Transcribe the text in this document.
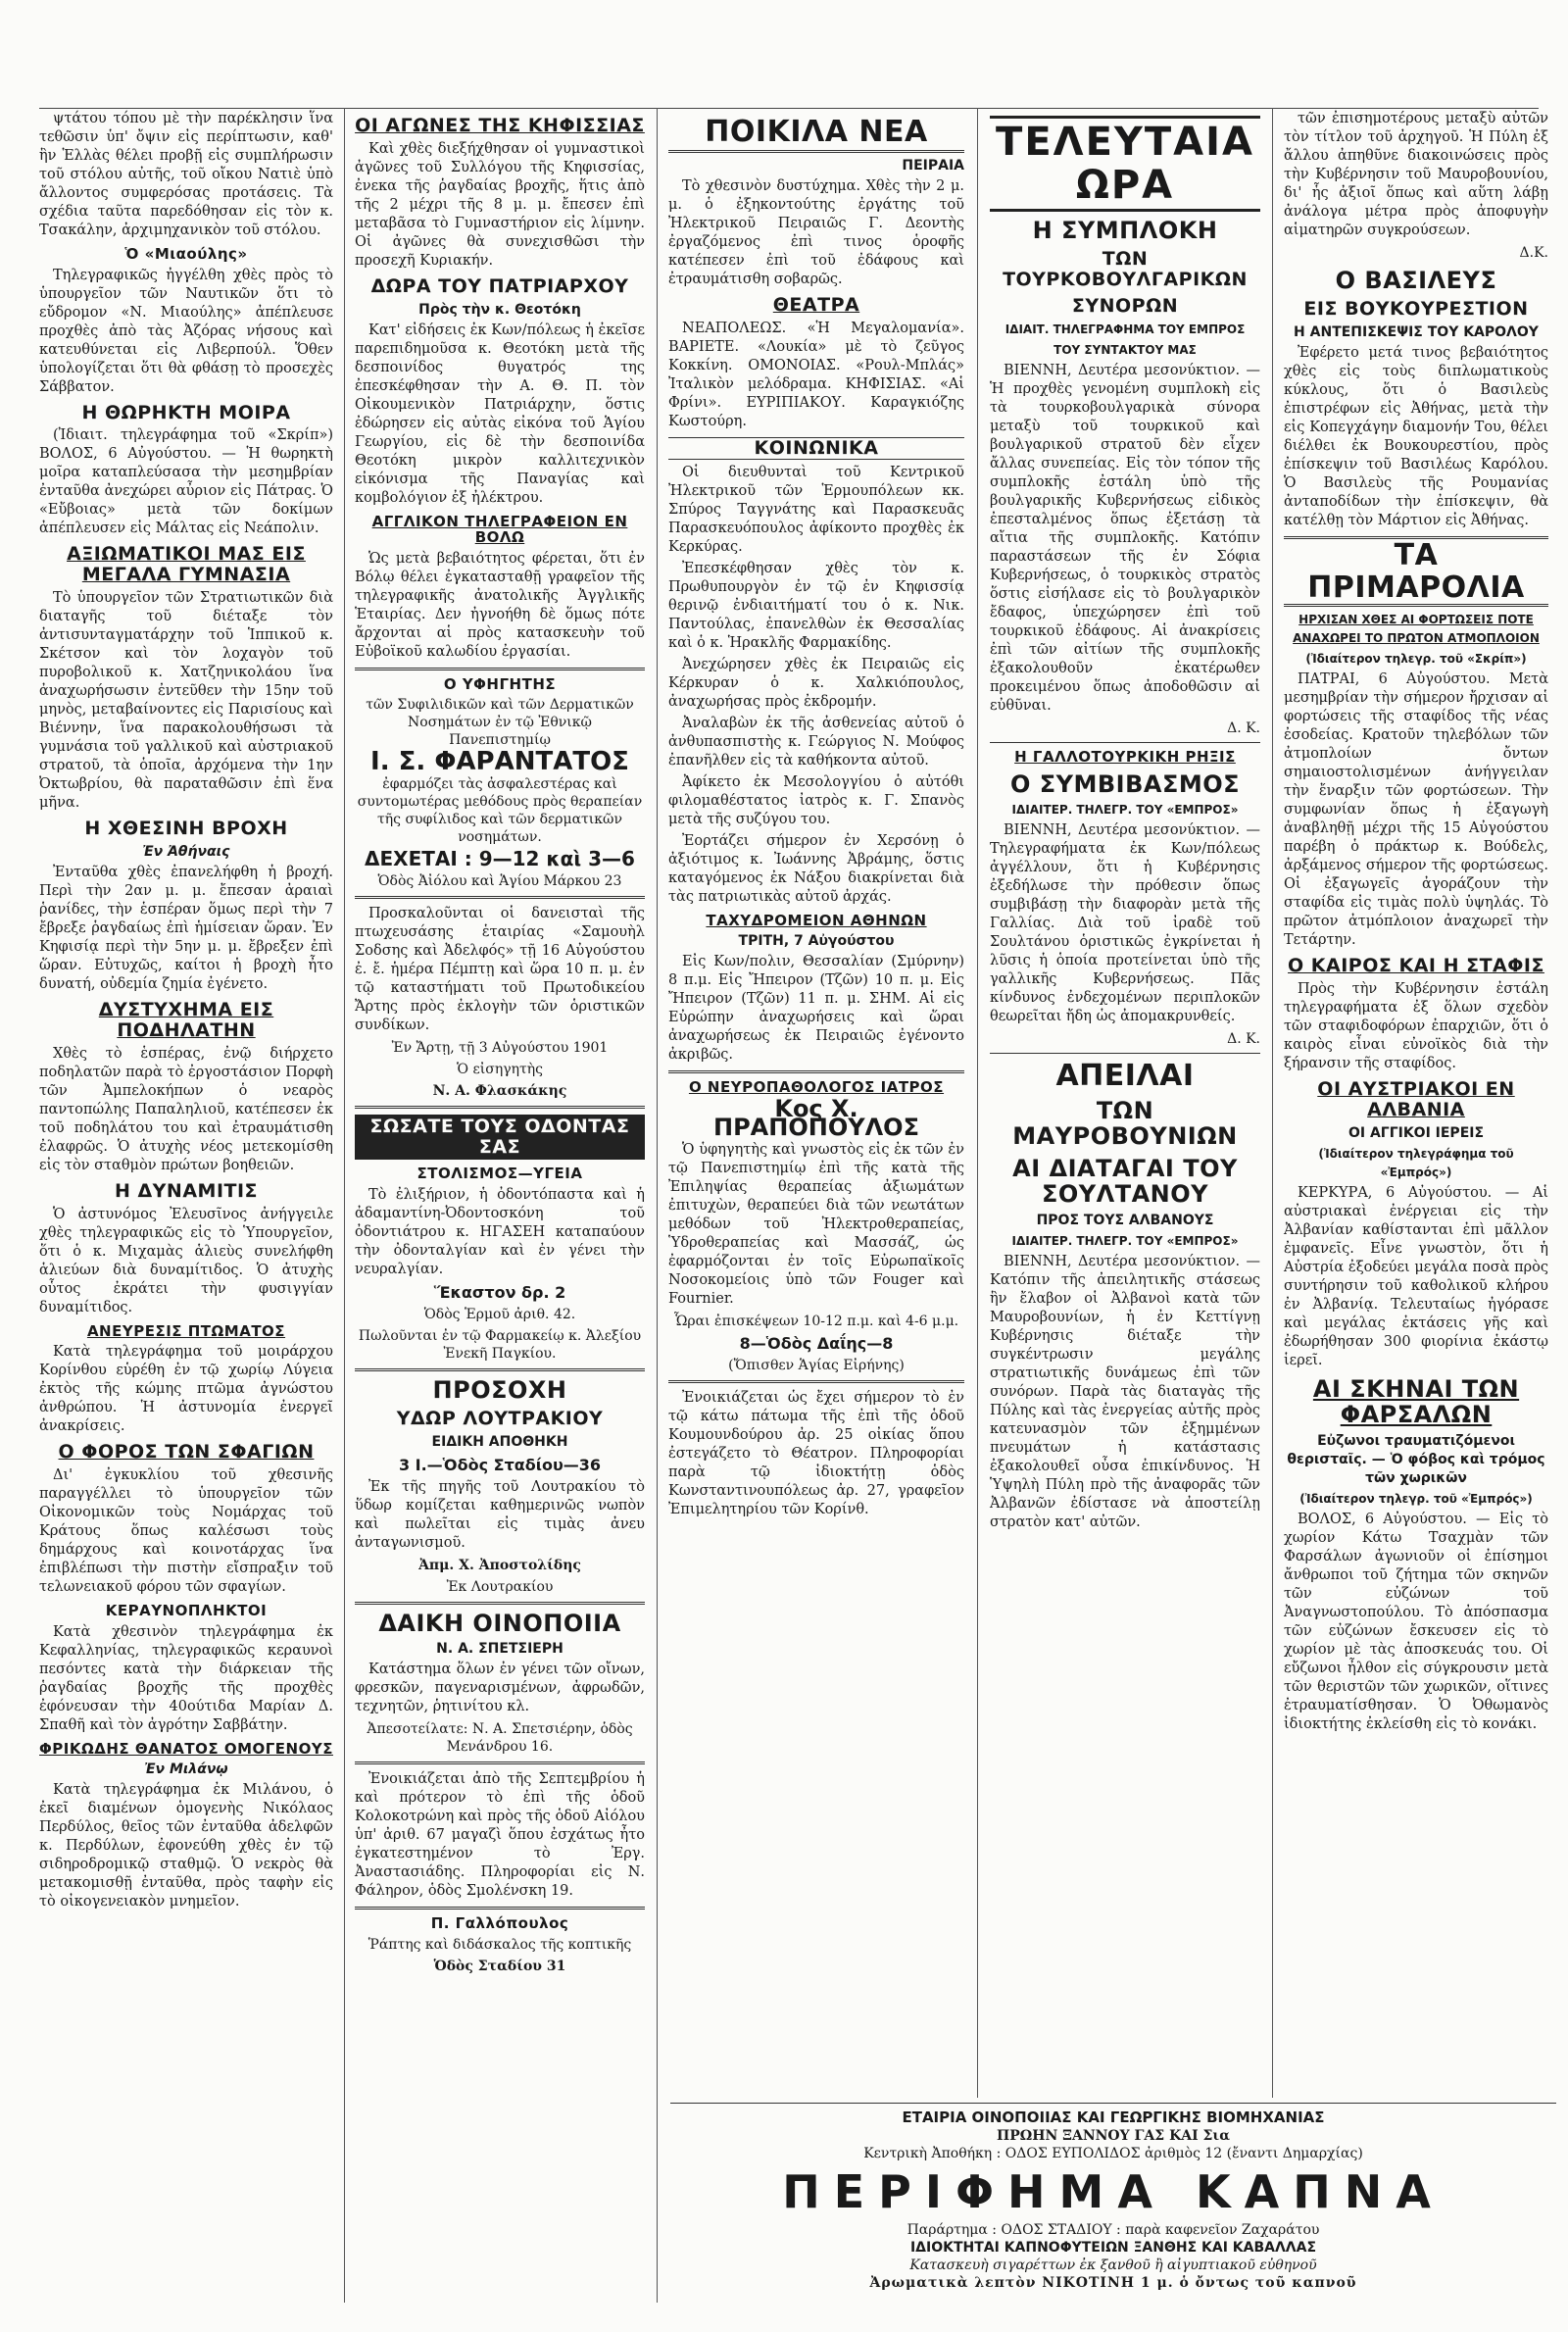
ψτάτου τόπου μὲ τὴν παρέκλησιν ἵνα τεθῶσιν ὑπ' ὄψιν εἰς περίπτωσιν, καθ' ἣν Ἑλλὰς θέλει προβῇ εἰς συμπλήρωσιν τοῦ στόλου αὐτῆς, τοῦ οἴκου Νατιὲ ὑπὸ ἄλλοντος συμφερόσας προτάσεις. Τὰ σχέδια ταῦτα παρεδόθησαν εἰς τὸν κ. Τσακάλην, ἀρχιμηχανικὸν τοῦ στόλου.

Ὁ «Μιαούλης»

Τηλεγραφικῶς ἠγγέλθη χθὲς πρὸς τὸ ὑπουργεῖον τῶν Ναυτικῶν ὅτι τὸ εὔδρομον «Ν. Μιαούλης» ἀπέπλευσε προχθὲς ἀπὸ τὰς Ἀζόρας νήσους καὶ κατευθύνεται εἰς Λιβερπούλ. Ὅθεν ὑπολογίζεται ὅτι θὰ φθάσῃ τὸ προσεχὲς Σάββατον.

Η ΘΩΡΗΚΤΗ ΜΟΙΡΑ

(Ἰδιαιτ. τηλεγράφημα τοῦ «Σκρίπ») ΒΟΛΟΣ, 6 Αὐγούστου. — Ἡ θωρηκτὴ μοῖρα καταπλεύσασα τὴν μεσημβρίαν ἐνταῦθα ἀνεχώρει αὖριον εἰς Πάτρας. Ὁ «Εὔβοιας» μετὰ τῶν δοκίμων ἀπέπλευσεν εἰς Μάλτας εἰς Νεάπολιν.

ΑΞΙΩΜΑΤΙΚΟΙ ΜΑΣ ΕΙΣ ΜΕΓΑΛΑ ΓΥΜΝΑΣΙΑ

Τὸ ὑπουργεῖον τῶν Στρατιωτικῶν διὰ διαταγῆς τοῦ διέταξε τὸν ἀντισυνταγματάρχην τοῦ Ἱππικοῦ κ. Σκέτσον καὶ τὸν λοχαγὸν τοῦ πυροβολικοῦ κ. Χατζηνικολάου ἵνα ἀναχωρήσωσιν ἐντεῦθεν τὴν 15ην τοῦ μηνὸς, μεταβαίνοντες εἰς Παρισίους καὶ Βιέννην, ἵνα παρακολουθήσωσι τὰ γυμνάσια τοῦ γαλλικοῦ καὶ αὐστριακοῦ στρατοῦ, τὰ ὁποῖα, ἀρχόμενα τὴν 1ην Ὀκτωβρίου, θὰ παραταθῶσιν ἐπὶ ἕνα μῆνα.

Η ΧΘΕΣΙΝΗ ΒΡΟΧΗ
Ἐν Ἀθήναις

Ἐνταῦθα χθὲς ἐπανελήφθη ἡ βροχή. Περὶ τὴν 2αν μ. μ. ἔπεσαν ἀραιαὶ ῥανίδες, τὴν ἑσπέραν ὅμως περὶ τὴν 7 ἔβρεξε ῥαγδαίως ἐπὶ ἡμίσειαν ὥραν. Ἐν Κηφισίᾳ περὶ τὴν 5ην μ. μ. ἔβρεξεν ἐπὶ ὥραν. Εὐτυχῶς, καίτοι ἡ βροχὴ ἦτο δυνατή, οὐδεμία ζημία ἐγένετο.

ΔΥΣΤΥΧΗΜΑ ΕΙΣ ΠΟΔΗΛΑΤΗΝ

Χθὲς τὸ ἑσπέρας, ἐνῷ διήρχετο ποδηλατῶν παρὰ τὸ ἐργοστάσιον Πορφὴ τῶν Ἀμπελοκήπων ὁ νεαρὸς παντοπώλης Παπαληλιοῦ, κατέπεσεν ἐκ τοῦ ποδηλάτου του καὶ ἐτραυμάτισθη ἐλαφρῶς. Ὁ ἀτυχὴς νέος μετεκομίσθη εἰς τὸν σταθμὸν πρώτων βοηθειῶν.

Η ΔΥΝΑΜΙΤΙΣ

Ὁ ἀστυνόμος Ἐλευσῖνος ἀνήγγειλε χθὲς τηλεγραφικῶς εἰς τὸ Ὑπουργεῖον, ὅτι ὁ κ. Μιχαμὰς ἁλιεὺς συνελήφθη ἁλιεύων διὰ δυναμίτιδος. Ὁ ἀτυχὴς οὗτος ἐκράτει τὴν φυσιγγίαν δυναμίτιδος.

ΑΝΕΥΡΕΣΙΣ ΠΤΩΜΑΤΟΣ

Κατὰ τηλεγράφημα τοῦ μοιράρχου Κορίνθου εὑρέθη ἐν τῷ χωρίῳ Λύγεια ἐκτὸς τῆς κώμης πτῶμα ἀγνώστου ἀνθρώπου. Ἡ ἀστυνομία ἐνεργεῖ ἀνακρίσεις.

Ο ΦΟΡΟΣ ΤΩΝ ΣΦΑΓΙΩΝ

Δι' ἐγκυκλίου τοῦ χθεσινῆς παραγγέλλει τὸ ὑπουργεῖον τῶν Οἰκονομικῶν τοὺς Νομάρχας τοῦ Κράτους ὅπως καλέσωσι τοὺς δημάρχους καὶ κοινοτάρχας ἵνα ἐπιβλέπωσι τὴν πιστὴν εἴσπραξιν τοῦ τελωνειακοῦ φόρου τῶν σφαγίων.

ΚΕΡΑΥΝΟΠΛΗΚΤΟΙ

Κατὰ χθεσινὸν τηλεγράφημα ἐκ Κεφαλληνίας, τηλεγραφικῶς κεραυνοὶ πεσόντες κατὰ τὴν διάρκειαν τῆς ῥαγδαίας βροχῆς τῆς προχθὲς ἐφόνευσαν τὴν 40ούτιδα Μαρίαν Δ. Σπαθῆ καὶ τὸν ἀγρότην Σαββάτην.

ΦΡΙΚΩΔΗΣ ΘΑΝΑΤΟΣ ΟΜΟΓΕΝΟΥΣ
Ἐν Μιλάνῳ

Κατὰ τηλεγράφημα ἐκ Μιλάνου, ὁ ἐκεῖ διαμένων ὁμογενὴς Νικόλαος Περδύλος, θεῖος τῶν ἐνταῦθα ἀδελφῶν κ. Περδύλων, ἐφονεύθη χθὲς ἐν τῷ σιδηροδρομικῷ σταθμῷ. Ὁ νεκρὸς θὰ μετακομισθῇ ἐνταῦθα, πρὸς ταφὴν εἰς τὸ οἰκογενειακὸν μνημεῖον.

ΟΙ ΑΓΩΝΕΣ ΤΗΣ ΚΗΦΙΣΣΙΑΣ

Καὶ χθὲς διεξήχθησαν οἱ γυμναστικοὶ ἀγῶνες τοῦ Συλλόγου τῆς Κηφισσίας, ἐνεκα τῆς ῥαγδαίας βροχῆς, ἥτις ἀπὸ τῆς 2 μέχρι τῆς 8 μ. μ. ἔπεσεν ἐπὶ μεταβᾶσα τὸ Γυμναστήριον εἰς λίμνην. Οἱ ἀγῶνες θὰ συνεχισθῶσι τὴν προσεχῆ Κυριακήν.

ΔΩΡΑ ΤΟΥ ΠΑΤΡΙΑΡΧΟΥ
Πρὸς τὴν κ. Θεοτόκη

Κατ' εἰδήσεις ἐκ Κων/πόλεως ἡ ἐκεῖσε παρεπιδημοῦσα κ. Θεοτόκη μετὰ τῆς δεσποινίδος θυγατρός της ἐπεσκέφθησαν τὴν Α. Θ. Π. τὸν Οἰκουμενικὸν Πατριάρχην, ὅστις ἐδώρησεν εἰς αὐτὰς εἰκόνα τοῦ Ἁγίου Γεωργίου, εἰς δὲ τὴν δεσποινίδα Θεοτόκη μικρὸν καλλιτεχνικὸν εἰκόνισμα τῆς Παναγίας καὶ κομβολόγιον ἐξ ἠλέκτρου.

ΑΓΓΛΙΚΟΝ ΤΗΛΕΓΡΑΦΕΙΟΝ ΕΝ ΒΟΛΩ

Ὡς μετὰ βεβαιότητος φέρεται, ὅτι ἐν Βόλῳ θέλει ἐγκατασταθῇ γραφεῖον τῆς τηλεγραφικῆς ἀνατολικῆς Ἀγγλικῆς Ἑταιρίας. Δεν ἠγνοήθη δὲ ὅμως πότε ἄρχονται αἱ πρὸς κατασκευὴν τοῦ Εὐβοϊκοῦ καλωδίου ἐργασίαι.

Ο ΥΦΗΓΗΤΗΣ
τῶν Συφιλιδικῶν καὶ τῶν Δερματικῶν Νοσημάτων ἐν τῷ Ἐθνικῷ Πανεπιστημίῳ
Ι. Σ. ΦΑΡΑΝΤΑΤΟΣ
ἐφαρμόζει τὰς ἀσφαλεστέρας καὶ συντομωτέρας μεθόδους πρὸς θεραπείαν τῆς συφίλιδος καὶ τῶν δερματικῶν νοσημάτων.
ΔΕΧΕΤΑΙ : 9—12 καὶ 3—6
Ὁδὸς Ἀἰόλου καὶ Ἁγίου Μάρκου 23

Προσκαλοῦνται οἱ δανεισταὶ τῆς πτωχευσάσης ἑταιρίας «Σαμουὴλ Σοδσης καὶ Ἀδελφός» τῇ 16 Αὐγούστου ἐ. ἔ. ἡμέρα Πέμπτῃ καὶ ὥρα 10 π. μ. ἐν τῷ καταστήματι τοῦ Πρωτοδικείου Ἄρτης πρὸς ἐκλογὴν τῶν ὁριστικῶν συνδίκων.

Ἐν Ἄρτῃ, τῇ 3 Αὐγούστου 1901
Ὁ εἰσηγητὴς
Ν. Α. Φλασκάκης
ΣΩΣΑΤΕ ΤΟΥΣ ΟΔΟΝΤΑΣ ΣΑΣ
ΣΤΟΛΙΣΜΟΣ—ΥΓΕΙΑ

Τὸ ἐλιξήριον, ἡ ὀδοντόπαστα καὶ ἡ ἀδαμαντίνη-Ὀδοντοσκόνη τοῦ ὀδοντιάτρου κ. ΗΓΑΣΕΗ καταπαύουν τὴν ὀδονταλγίαν καὶ ἐν γένει τὴν νευραλγίαν.

Ἕκαστον δρ. 2
Ὁδὸς Ἑρμοῦ ἀριθ. 42.
Πωλοῦνται ἐν τῷ Φαρμακείῳ κ. Ἀλεξίου Ἐνεκῆ Παγκίου.
ΠΡΟΣΟΧΗ
ΥΔΩΡ ΛΟΥΤΡΑΚΙΟΥ
ΕΙΔΙΚΗ ΑΠΟΘΗΚΗ
3 Ι.—Ὁδὸς Σταδίου—36

Ἐκ τῆς πηγῆς τοῦ Λουτρακίου τὸ ὕδωρ κομίζεται καθημερινῶς νωπὸν καὶ πωλεῖται εἰς τιμὰς ἀνευ ἀνταγωνισμοῦ.

Ἀπμ. Χ. Ἀποστολίδης
Ἐκ Λουτρακίου
ΔΑΙΚΗ ΟΙΝΟΠΟΙΙΑ
Ν. Α. ΣΠΕΤΣΙΕΡΗ

Κατάστημα ὅλων ἐν γένει τῶν οἴνων, φρεσκῶν, παγεναρισμένων, ἀφρωδῶν, τεχνητῶν, ῥητινίτου κλ.

Ἀπεσοτείλατε: Ν. Α. Σπετσιέρην, ὁδὸς Μενάνδρου 16.

Ἐνοικιάζεται ἀπὸ τῆς Σεπτεμβρίου ἡ καὶ πρότερον τὸ ἐπὶ τῆς ὁδοῦ Κολοκοτρώνη καὶ πρὸς τῆς ὁδοῦ Αἰόλου ὑπ' ἀριθ. 67 μαγαζὶ ὅπου ἐσχάτως ἦτο ἐγκατεστημένον τὸ Ἐργ. Ἀναστασιάδης. Πληροφορίαι εἰς Ν. Φάληρον, ὁδὸς Σμολένσκη 19.

Π. Γαλλόπουλος
Ῥάπτης καὶ διδάσκαλος τῆς κοπτικῆς
Ὁδὸς Σταδίου 31
ΠΟΙΚΙΛΑ ΝΕΑ
ΠΕΙΡΑΙΑ

Τὸ χθεσινὸν δυστύχημα. Χθὲς τὴν 2 μ. μ. ὁ ἐξηκοντούτης ἐργάτης τοῦ Ἠλεκτρικοῦ Πειραιῶς Γ. Δεοντὴς ἐργαζόμενος ἐπὶ τινος ὁροφῆς κατέπεσεν ἐπὶ τοῦ ἐδάφους καὶ ἐτραυμάτισθη σοβαρῶς.

ΘΕΑΤΡΑ

ΝΕΑΠΟΛΕΩΣ. «Ἡ Μεγαλομανία». ΒΑΡΙΕΤΕ. «Λουκία» μὲ τὸ ζεῦγος Κοκκίνη. ΟΜΟΝΟΙΑΣ. «Ρουλ-Μπλάς» Ἰταλικὸν μελόδραμα. ΚΗΦΙΣΙΑΣ. «Αἱ Φρίνι». ΕΥΡΙΠΙΑΚΟΥ. Καραγκιόζης Κωστούρη.

ΚΟΙΝΩΝΙΚΑ

Οἱ διευθυνταὶ τοῦ Κεντρικοῦ Ἠλεκτρικοῦ τῶν Ἑρμουπόλεων κκ. Σπύρος Ταγγνάτης καὶ Παρασκευᾶς Παρασκευόπουλος ἀφίκοντο προχθὲς ἐκ Κερκύρας.

Ἐπεσκέφθησαν χθὲς τὸν κ. Πρωθυπουργὸν ἐν τῷ ἐν Κηφισσίᾳ θερινῷ ἐνδιαιτήματί του ὁ κ. Νικ. Παντούλας, ἐπανελθὼν ἐκ Θεσσαλίας καὶ ὁ κ. Ἡρακλῆς Φαρμακίδης.

Ἀνεχώρησεν χθὲς ἐκ Πειραιῶς εἰς Κέρκυραν ὁ κ. Χαλκιόπουλος, ἀναχωρήσας πρὸς ἐκδρομήν.

Ἀναλαβὼν ἐκ τῆς ἀσθενείας αὐτοῦ ὁ ἀνθυπασπιστὴς κ. Γεώργιος Ν. Μούφος ἐπανῆλθεν εἰς τὰ καθήκοντα αὐτοῦ.

Ἀφίκετο ἐκ Μεσολογγίου ὁ αὐτόθι φιλομαθέστατος ἰατρὸς κ. Γ. Σπανὸς μετὰ τῆς συζύγου του.

Ἐορτάζει σήμερον ἐν Χερσόνῃ ὁ ἀξιότιμος κ. Ἰωάννης Ἀβράμης, ὅστις καταγόμενος ἐκ Νάξου διακρίνεται διὰ τὰς πατριωτικὰς αὐτοῦ ἀρχάς.

ΤΑΧΥΔΡΟΜΕΙΟΝ ΑΘΗΝΩΝ
ΤΡΙΤΗ, 7 Αὐγούστου

Εἰς Κων/πολιν, Θεσσαλίαν (Σμύρνην) 8 π.μ. Εἰς Ἤπειρον (Τζῶν) 10 π. μ. Εἰς Ἤπειρον (Τζῶν) 11 π. μ. ΣΗΜ. Αἱ εἰς Εὐρώπην ἀναχωρήσεις καὶ ὥραι ἀναχωρήσεως ἐκ Πειραιῶς ἐγένοντο ἀκριβῶς.

Ο ΝΕΥΡΟΠΑΘΟΛΟΓΟΣ ΙΑΤΡΟΣ
Κος Χ. ΠΡΑΠΟΠΟΥΛΟΣ

Ὁ ὑφηγητὴς καὶ γνωστὸς εἰς ἐκ τῶν ἐν τῷ Πανεπιστημίῳ ἐπὶ τῆς κατὰ τῆς Ἐπιληψίας θεραπείας ἀξιωμάτων ἐπιτυχὼν, θεραπεύει διὰ τῶν νεωτάτων μεθόδων τοῦ Ἠλεκτροθεραπείας, Ὑδροθεραπείας καὶ Μασσάζ, ὡς ἐφαρμόζονται ἐν τοῖς Εὐρωπαϊκοῖς Νοσοκομείοις ὑπὸ τῶν Fouger καὶ Fournier.

Ὧραι ἐπισκέψεων 10-12 π.μ. καὶ 4-6 μ.μ.
8—Ὁδὸς Δαΐης—8
(Ὄπισθεν Ἁγίας Εἰρήνης)

Ἐνοικιάζεται ὡς ἔχει σήμερον τὸ ἐν τῷ κάτω πάτωμα τῆς ἐπὶ τῆς ὁδοῦ Κουμουνδούρου ἀρ. 25 οἰκίας ὅπου ἐστεγάζετο τὸ Θέατρον. Πληροφορίαι παρὰ τῷ ἰδιοκτήτῃ ὁδὸς Κωνσταντινουπόλεως ἀρ. 27, γραφεῖον Ἐπιμελητηρίου τῶν Κορίνθ.

ΤΕΛΕΥΤΑΙΑ ΩΡΑ
Η ΣΥΜΠΛΟΚΗ
ΤΩΝ ΤΟΥΡΚΟΒΟΥΛΓΑΡΙΚΩΝ
ΣΥΝΟΡΩΝ
ΙΔΙΑΙΤ. ΤΗΛΕΓΡΑΦΗΜΑ ΤΟΥ ΕΜΠΡΟΣ
ΤΟΥ ΣΥΝΤΑΚΤΟΥ ΜΑΣ

ΒΙΕΝΝΗ, Δευτέρα μεσονύκτιον. — Ἡ προχθὲς γενομένη συμπλοκὴ εἰς τὰ τουρκοβουλγαρικὰ σύνορα μεταξὺ τοῦ τουρκικοῦ καὶ βουλγαρικοῦ στρατοῦ δὲν εἶχεν ἄλλας συνεπείας. Εἰς τὸν τόπον τῆς συμπλοκῆς ἐστάλη ὑπὸ τῆς βουλγαρικῆς Κυβερνήσεως εἰδικὸς ἐπεσταλμένος ὅπως ἐξετάσῃ τὰ αἴτια τῆς συμπλοκῆς. Κατόπιν παραστάσεων τῆς ἐν Σόφια Κυβερνήσεως, ὁ τουρκικὸς στρατὸς ὅστις εἰσήλασε εἰς τὸ βουλγαρικὸν ἔδαφος, ὑπεχώρησεν ἐπὶ τοῦ τουρκικοῦ ἐδάφους. Αἱ ἀνακρίσεις ἐπὶ τῶν αἰτίων τῆς συμπλοκῆς ἐξακολουθοῦν ἐκατέρωθεν προκειμένου ὅπως ἀποδοθῶσιν αἱ εὐθῦναι.

Δ. Κ.
Η ΓΑΛΛΟΤΟΥΡΚΙΚΗ ΡΗΞΙΣ
Ο ΣΥΜΒΙΒΑΣΜΟΣ
ΙΔΙΑΙΤΕΡ. ΤΗΛΕΓΡ. ΤΟΥ «ΕΜΠΡΟΣ»

ΒΙΕΝΝΗ, Δευτέρα μεσονύκτιον. — Τηλεγραφήματα ἐκ Κων/πόλεως ἀγγέλλουν, ὅτι ἡ Κυβέρνησις ἐξεδήλωσε τὴν πρόθεσιν ὅπως συμβιβάσῃ τὴν διαφορὰν μετὰ τῆς Γαλλίας. Διὰ τοῦ ἰραδὲ τοῦ Σουλτάνου ὁριστικῶς ἐγκρίνεται ἡ λῦσις ἡ ὁποία προτείνεται ὑπὸ τῆς γαλλικῆς Κυβερνήσεως. Πᾶς κίνδυνος ἐνδεχομένων περιπλοκῶν θεωρεῖται ἤδη ὡς ἀπομακρυνθείς.

Δ. Κ.
ΑΠΕΙΛΑΙ
ΤΩΝ ΜΑΥΡΟΒΟΥΝΙΩΝ
ΑΙ ΔΙΑΤΑΓΑΙ ΤΟΥ ΣΟΥΛΤΑΝΟΥ
ΠΡΟΣ ΤΟΥΣ ΑΛΒΑΝΟΥΣ
ΙΔΙΑΙΤΕΡ. ΤΗΛΕΓΡ. ΤΟΥ «ΕΜΠΡΟΣ»

ΒΙΕΝΝΗ, Δευτέρα μεσονύκτιον. — Κατόπιν τῆς ἀπειλητικῆς στάσεως ἣν ἔλαβον οἱ Ἀλβανοὶ κατὰ τῶν Μαυροβουνίων, ἡ ἐν Κεττίγνῃ Κυβέρνησις διέταξε τὴν συγκέντρωσιν μεγάλης στρατιωτικῆς δυνάμεως ἐπὶ τῶν συνόρων. Παρὰ τὰς διαταγὰς τῆς Πύλης καὶ τὰς ἐνεργείας αὐτῆς πρὸς κατευνασμὸν τῶν ἐξημμένων πνευμάτων ἡ κατάστασις ἐξακολουθεῖ οὖσα ἐπικίνδυνος. Ἡ Ὑψηλὴ Πύλη πρὸ τῆς ἀναφορᾶς τῶν Ἀλβανῶν ἐδίστασε νὰ ἀποστείλῃ στρατὸν κατ' αὐτῶν.

τῶν ἐπισημοτέρους μεταξὺ αὐτῶν τὸν τίτλον τοῦ ἀρχηγοῦ. Ἡ Πύλη ἐξ ἄλλου ἀπηθῦνε διακοινώσεις πρὸς τὴν Κυβέρνησιν τοῦ Μαυροβουνίου, δι' ἧς ἀξιοῖ ὅπως καὶ αὕτη λάβῃ ἀνάλογα μέτρα πρὸς ἀποφυγὴν αἱματηρῶν συγκρούσεων.

Δ.Κ.
Ο ΒΑΣΙΛΕΥΣ
ΕΙΣ ΒΟΥΚΟΥΡΕΣΤΙΟΝ
Η ΑΝΤΕΠΙΣΚΕΨΙΣ ΤΟΥ ΚΑΡΟΛΟΥ

Ἐφέρετο μετά τινος βεβαιότητος χθὲς εἰς τοὺς διπλωματικοὺς κύκλους, ὅτι ὁ Βασιλεὺς ἐπιστρέφων εἰς Ἀθήνας, μετὰ τὴν εἰς Κοπεγχάγην διαμονήν Του, θέλει διέλθει ἐκ Βουκουρεστίου, πρὸς ἐπίσκεψιν τοῦ Βασιλέως Καρόλου. Ὁ Βασιλεὺς τῆς Ρουμανίας ἀνταποδίδων τὴν ἐπίσκεψιν, θὰ κατέλθῃ τὸν Μάρτιον εἰς Ἀθήνας.

ΤΑ ΠΡΙΜΑΡΟΛΙΑ
ΗΡΧΙΣΑΝ ΧΘΕΣ ΑΙ ΦΟΡΤΩΣΕΙΣ ΠΟΤΕ ΑΝΑΧΩΡΕΙ ΤΟ ΠΡΩΤΟΝ ΑΤΜΟΠΛΟΙΟΝ
(Ἰδιαίτερον τηλεγρ. τοῦ «Σκρίπ»)

ΠΑΤΡΑΙ, 6 Αὐγούστου. Μετὰ μεσημβρίαν τὴν σήμερον ἤρχισαν αἱ φορτώσεις τῆς σταφίδος τῆς νέας ἐσοδείας. Κρατοῦν τηλεβόλων τῶν ἀτμοπλοίων ὄντων σημαιοστολισμένων ἀνήγγειλαν τὴν ἔναρξιν τῶν φορτώσεων. Τὴν συμφωνίαν ὅπως ἡ ἐξαγωγὴ ἀναβληθῇ μέχρι τῆς 15 Αὐγούστου παρέβη ὁ πράκτωρ κ. Βούδελς, ἀρξάμενος σήμερον τῆς φορτώσεως. Οἱ ἐξαγωγεῖς ἀγοράζουν τὴν σταφίδα εἰς τιμὰς πολὺ ὑψηλάς. Τὸ πρῶτον ἀτμόπλοιον ἀναχωρεῖ τὴν Τετάρτην.

Ο ΚΑΙΡΟΣ ΚΑΙ Η ΣΤΑΦΙΣ

Πρὸς τὴν Κυβέρνησιν ἐστάλη τηλεγραφήματα ἐξ ὅλων σχεδὸν τῶν σταφιδοφόρων ἐπαρχιῶν, ὅτι ὁ καιρὸς εἶναι εὐνοϊκὸς διὰ τὴν ξήρανσιν τῆς σταφίδος.

ΟΙ ΑΥΣΤΡΙΑΚΟΙ ΕΝ ΑΛΒΑΝΙΑ
ΟΙ ΑΓΓΙΚΟΙ ΙΕΡΕΙΣ
(Ἰδιαίτερον τηλεγράφημα τοῦ «Ἐμπρός»)

ΚΕΡΚΥΡΑ, 6 Αὐγούστου. — Αἱ αὐστριακαὶ ἐνέργειαι εἰς τὴν Ἀλβανίαν καθίστανται ἐπὶ μᾶλλον ἐμφανεῖς. Εἶνε γνωστὸν, ὅτι ἡ Αὐστρία ἐξοδεύει μεγάλα ποσὰ πρὸς συντήρησιν τοῦ καθολικοῦ κλήρου ἐν Ἀλβανίᾳ. Τελευταίως ἠγόρασε καὶ μεγάλας ἐκτάσεις γῆς καὶ ἐδωρήθησαν 300 φιορίνια ἑκάστῳ ἱερεῖ.

ΑΙ ΣΚΗΝΑΙ ΤΩΝ ΦΑΡΣΑΛΩΝ
Εὐζωνοι τραυματιζόμενοι θερισταῖς. — Ὁ φόβος καὶ τρόμος τῶν χωρικῶν
(Ἰδιαίτερον τηλεγρ. τοῦ «Ἐμπρός»)

ΒΟΛΟΣ, 6 Αὐγούστου. — Εἰς τὸ χωρίον Κάτω Τσαχμὰν τῶν Φαρσάλων ἀγωνιοῦν οἱ ἐπίσημοι ἄνθρωποι τοῦ ζήτημα τῶν σκηνῶν τῶν εὐζώνων τοῦ Ἀναγνωστοπούλου. Τὸ ἀπόσπασμα τῶν εὐζώνων ἔσκευσεν εἰς τὸ χωρίον μὲ τὰς ἀποσκευάς του. Οἱ εὔζωνοι ἦλθον εἰς σύγκρουσιν μετὰ τῶν θεριστῶν τῶν χωρικῶν, οἵτινες ἐτραυματίσθησαν. Ὁ Ὀθωμανὸς ἰδιοκτήτης ἐκλείσθη εἰς τὸ κονάκι.

ΕΤΑΙΡΙΑ ΟΙΝΟΠΟΙΙΑΣ ΚΑΙ ΓΕΩΡΓΙΚΗΣ ΒΙΟΜΗΧΑΝΙΑΣ
ΠΡΩΗΝ ΞΑΝΝΟΥ ΓΑΣ ΚΑΙ Σια
Κεντρικὴ Ἀποθήκη : ΟΔΟΣ ΕΥΠΟΛΙΔΟΣ ἀριθμὸς 12 (ἔναντι Δημαρχίας)
ΠΕΡΙΦΗΜΑ ΚΑΠΝΑ
Παράρτημα : ΟΔΟΣ ΣΤΑΔΙΟΥ : παρὰ καφενεῖον Ζαχαράτου
ΙΔΙΟΚΤΗΤΑΙ ΚΑΠΝΟΦΥΤΕΙΩΝ ΞΑΝΘΗΣ ΚΑΙ ΚΑΒΑΛΛΑΣ
Κατασκευὴ σιγαρέττων ἐκ ξανθοῦ ἢ αἰγυπτιακοῦ εὐθηνοῦ
Ἀρωματικὰ λεπτὸν ΝΙΚΟΤΙΝΗ 1 μ. ὁ ὄντως τοῦ καπνοῦ
